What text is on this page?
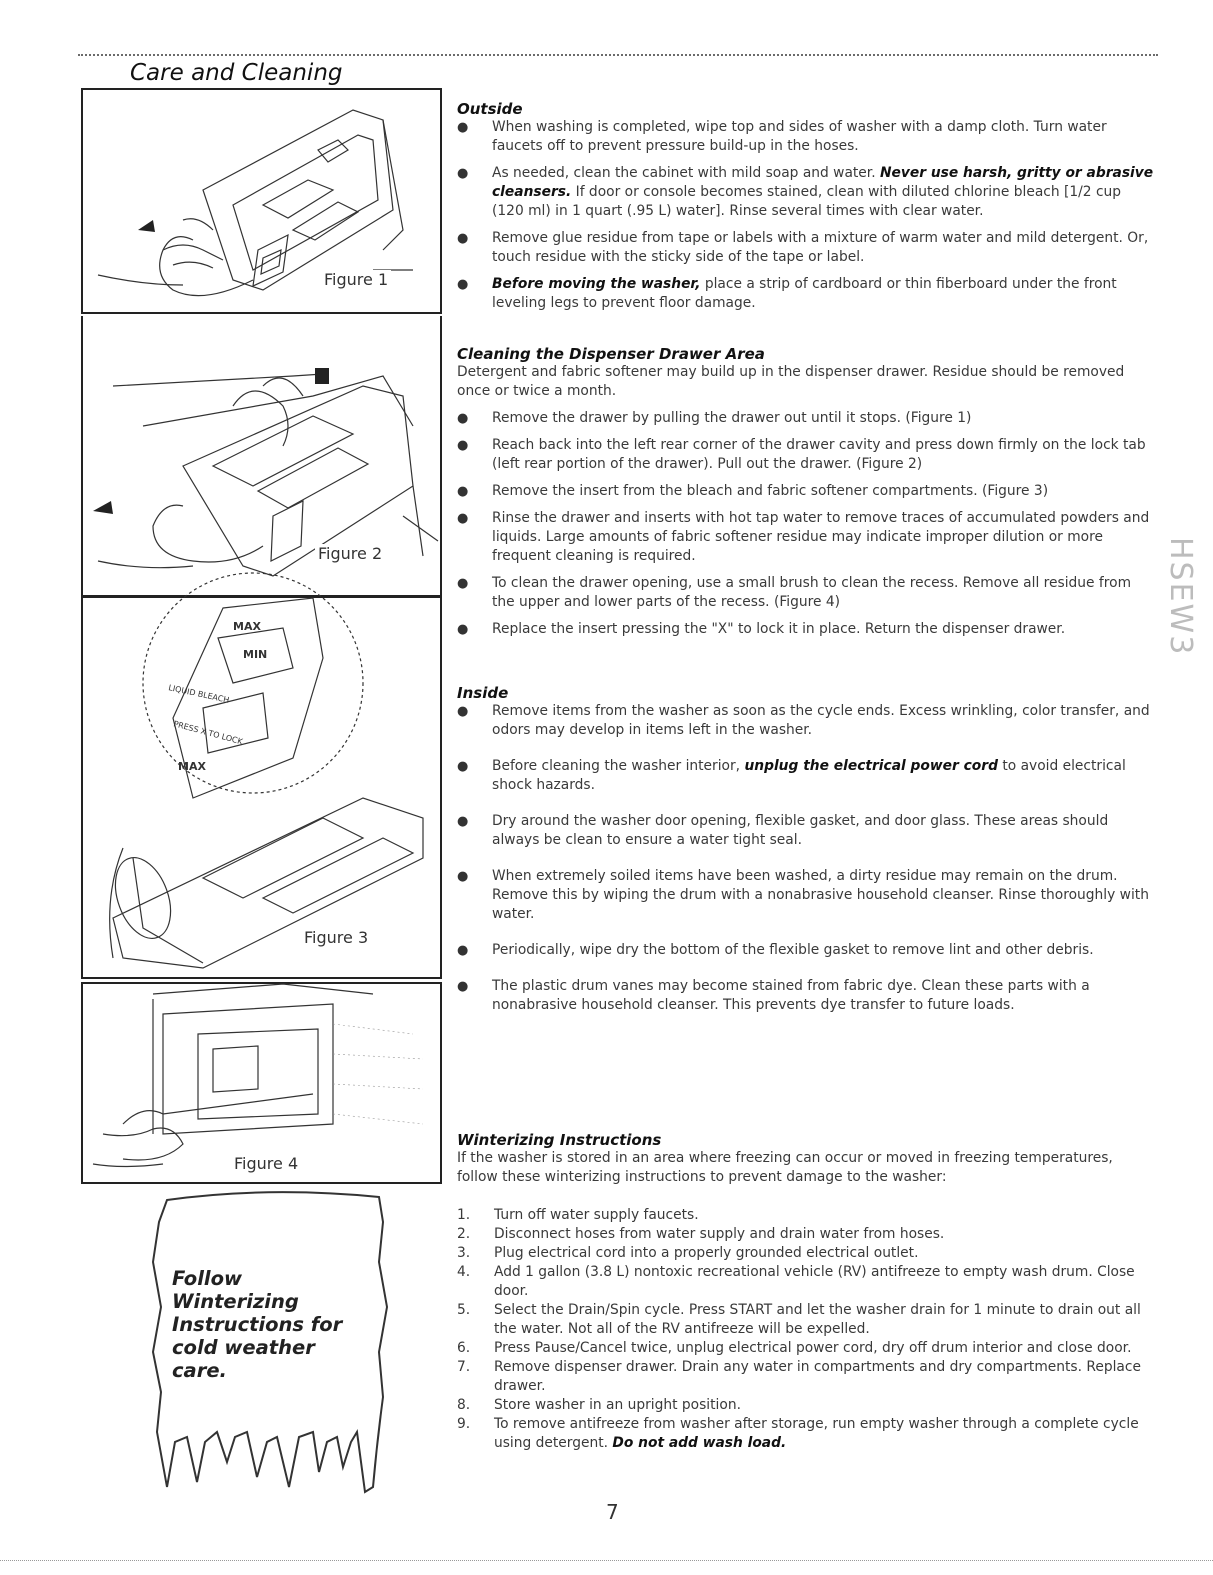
Care and Cleaning
Figure 1
Figure 2
MAX
MIN
LIQUID BLEACH
PRESS X TO LOCK
MAX
Figure 3
Figure 4
Follow Winterizing Instructions for cold weather care.
Outside
● When washing is completed, wipe top and sides of washer with a damp cloth. Turn water faucets off to prevent pressure build-up in the hoses.
● As needed, clean the cabinet with mild soap and water. Never use harsh, gritty or abrasive cleansers. If door or console becomes stained, clean with diluted chlorine bleach [1/2 cup (120 ml) in 1 quart (.95 L) water]. Rinse several times with clear water.
● Remove glue residue from tape or labels with a mixture of warm water and mild detergent. Or, touch residue with the sticky side of the tape or label.
● Before moving the washer, place a strip of cardboard or thin fiberboard under the front leveling legs to prevent floor damage.
Cleaning the Dispenser Drawer Area

Detergent and fabric softener may build up in the dispenser drawer. Residue should be removed once or twice a month.

● Remove the drawer by pulling the drawer out until it stops. (Figure 1)
● Reach back into the left rear corner of the drawer cavity and press down firmly on the lock tab (left rear portion of the drawer). Pull out the drawer. (Figure 2)
● Remove the insert from the bleach and fabric softener compartments. (Figure 3)
● Rinse the drawer and inserts with hot tap water to remove traces of accumulated powders and liquids. Large amounts of fabric softener residue may indicate improper dilution or more frequent cleaning is required.
● To clean the drawer opening, use a small brush to clean the recess. Remove all residue from the upper and lower parts of the recess. (Figure 4)
● Replace the insert pressing the "X" to lock it in place. Return the dispenser drawer.
Inside
● Remove items from the washer as soon as the cycle ends. Excess wrinkling, color transfer, and odors may develop in items left in the washer.
● Before cleaning the washer interior, unplug the electrical power cord to avoid electrical shock hazards.
● Dry around the washer door opening, flexible gasket, and door glass. These areas should always be clean to ensure a water tight seal.
● When extremely soiled items have been washed, a dirty residue may remain on the drum. Remove this by wiping the drum with a nonabrasive household cleanser. Rinse thoroughly with water.
● Periodically, wipe dry the bottom of the flexible gasket to remove lint and other debris.
● The plastic drum vanes may become stained from fabric dye. Clean these parts with a nonabrasive household cleanser. This prevents dye transfer to future loads.
Winterizing Instructions

If the washer is stored in an area where freezing can occur or moved in freezing temperatures, follow these winterizing instructions to prevent damage to the washer:

1. Turn off water supply faucets.
2. Disconnect hoses from water supply and drain water from hoses.
3. Plug electrical cord into a properly grounded electrical outlet.
4. Add 1 gallon (3.8 L) nontoxic recreational vehicle (RV) antifreeze to empty wash drum. Close door.
5. Select the Drain/Spin cycle. Press START and let the washer drain for 1 minute to drain out all the water. Not all of the RV antifreeze will be expelled.
6. Press Pause/Cancel twice, unplug electrical power cord, dry off drum interior and close door.
7. Remove dispenser drawer. Drain any water in compartments and dry compartments. Replace drawer.
8. Store washer in an upright position.
9. To remove antifreeze from washer after storage, run empty washer through a complete cycle using detergent. Do not add wash load.
HSEW3
7
